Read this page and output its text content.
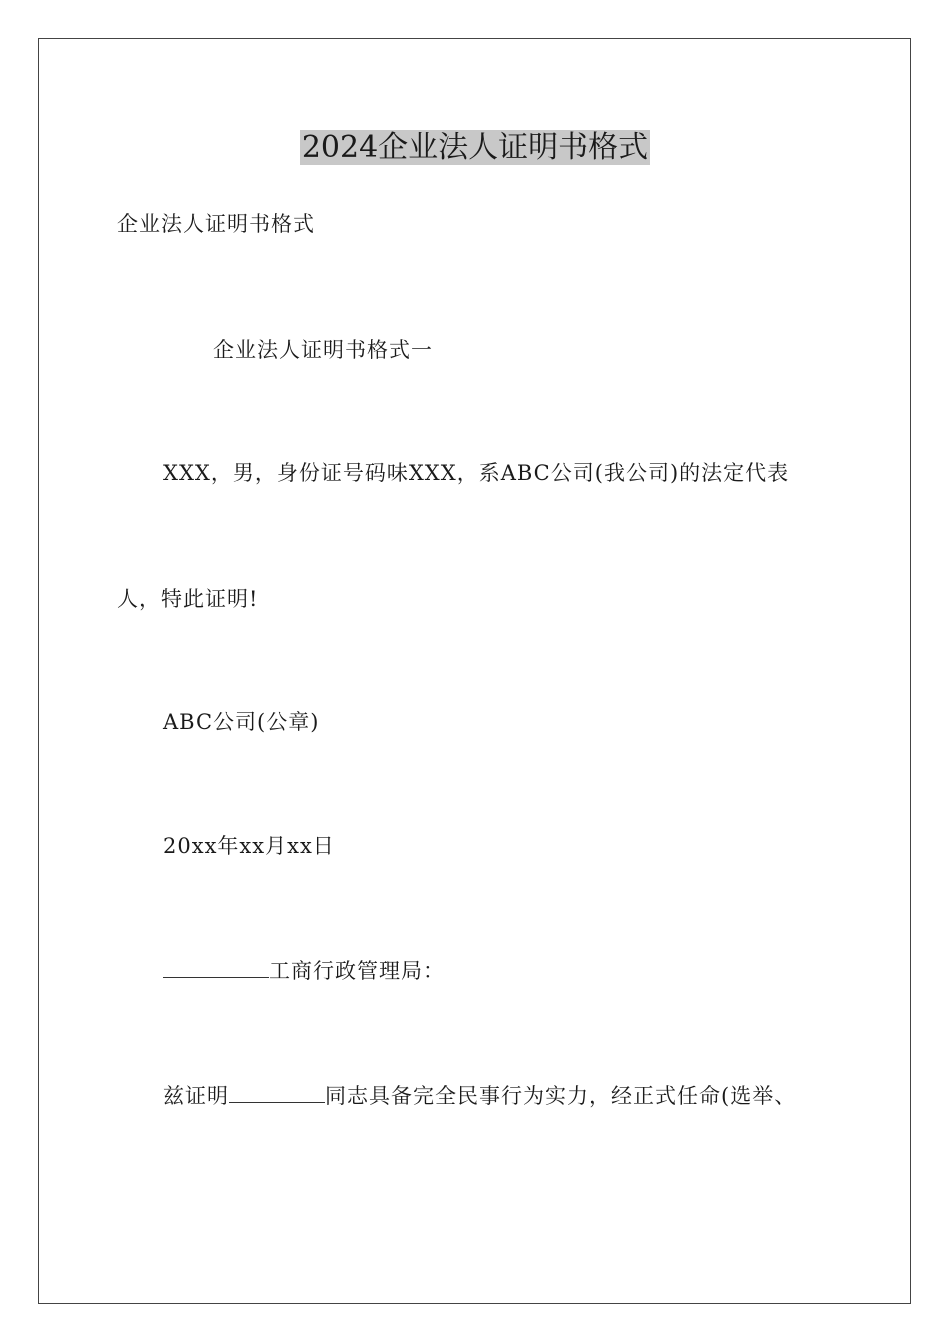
2024企业法人证明书格式
企业法人证明书格式
企业法人证明书格式一
XXX，男，身份证号码味XXX，系ABC公司(我公司)的法定代表
人，特此证明!
ABC公司(公章)
20xx年xx月xx日
工商行政管理局：
兹证明	同志具备完全民事行为实力，经正式任命(选举、
